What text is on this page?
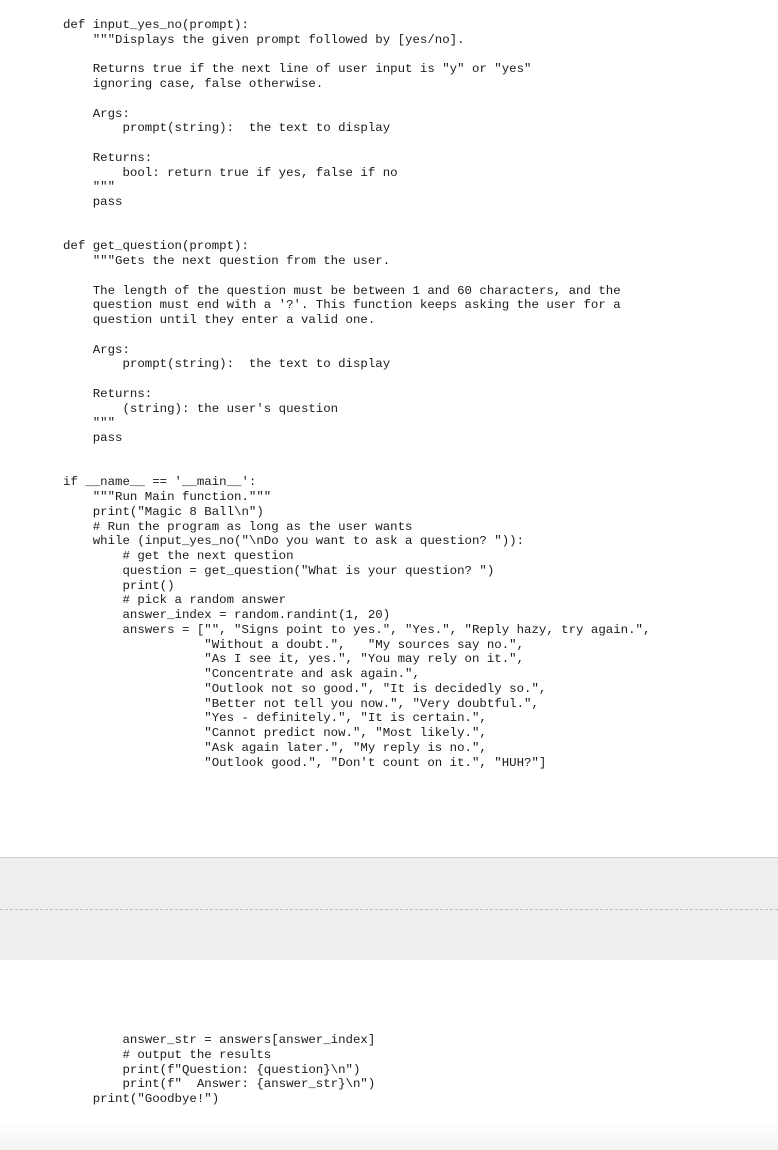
def input_yes_no(prompt):
"""Displays the given prompt followed by [yes/no].
Returns true if the next line of user input is "y" or "yes"
ignoring case, false otherwise.
Args:
prompt(string):  the text to display
Returns:
bool: return true if yes, false if no
"""
pass
def get_question(prompt):
"""Gets the next question from the user.
The length of the question must be between 1 and 60 characters, and the
question must end with a '?'. This function keeps asking the user for a
question until they enter a valid one.
Args:
prompt(string):  the text to display
Returns:
(string): the user's question
"""
pass
if __name__ == '__main__':
"""Run Main function."""
print("Magic 8 Ball\n")
# Run the program as long as the user wants
while (input_yes_no("\nDo you want to ask a question? ")):
# get the next question
question = get_question("What is your question? ")
print()
# pick a random answer
answer_index = random.randint(1, 20)
answers = ["", "Signs point to yes.", "Yes.", "Reply hazy, try again.",
"Without a doubt.",   "My sources say no.",
"As I see it, yes.", "You may rely on it.",
"Concentrate and ask again.",
"Outlook not so good.", "It is decidedly so.",
"Better not tell you now.", "Very doubtful.",
"Yes - definitely.", "It is certain.",
"Cannot predict now.", "Most likely.",
"Ask again later.", "My reply is no.",
"Outlook good.", "Don't count on it.", "HUH?"]
answer_str = answers[answer_index]
# output the results
print(f"Question: {question}\n")
print(f"  Answer: {answer_str}\n")
print("Goodbye!")
